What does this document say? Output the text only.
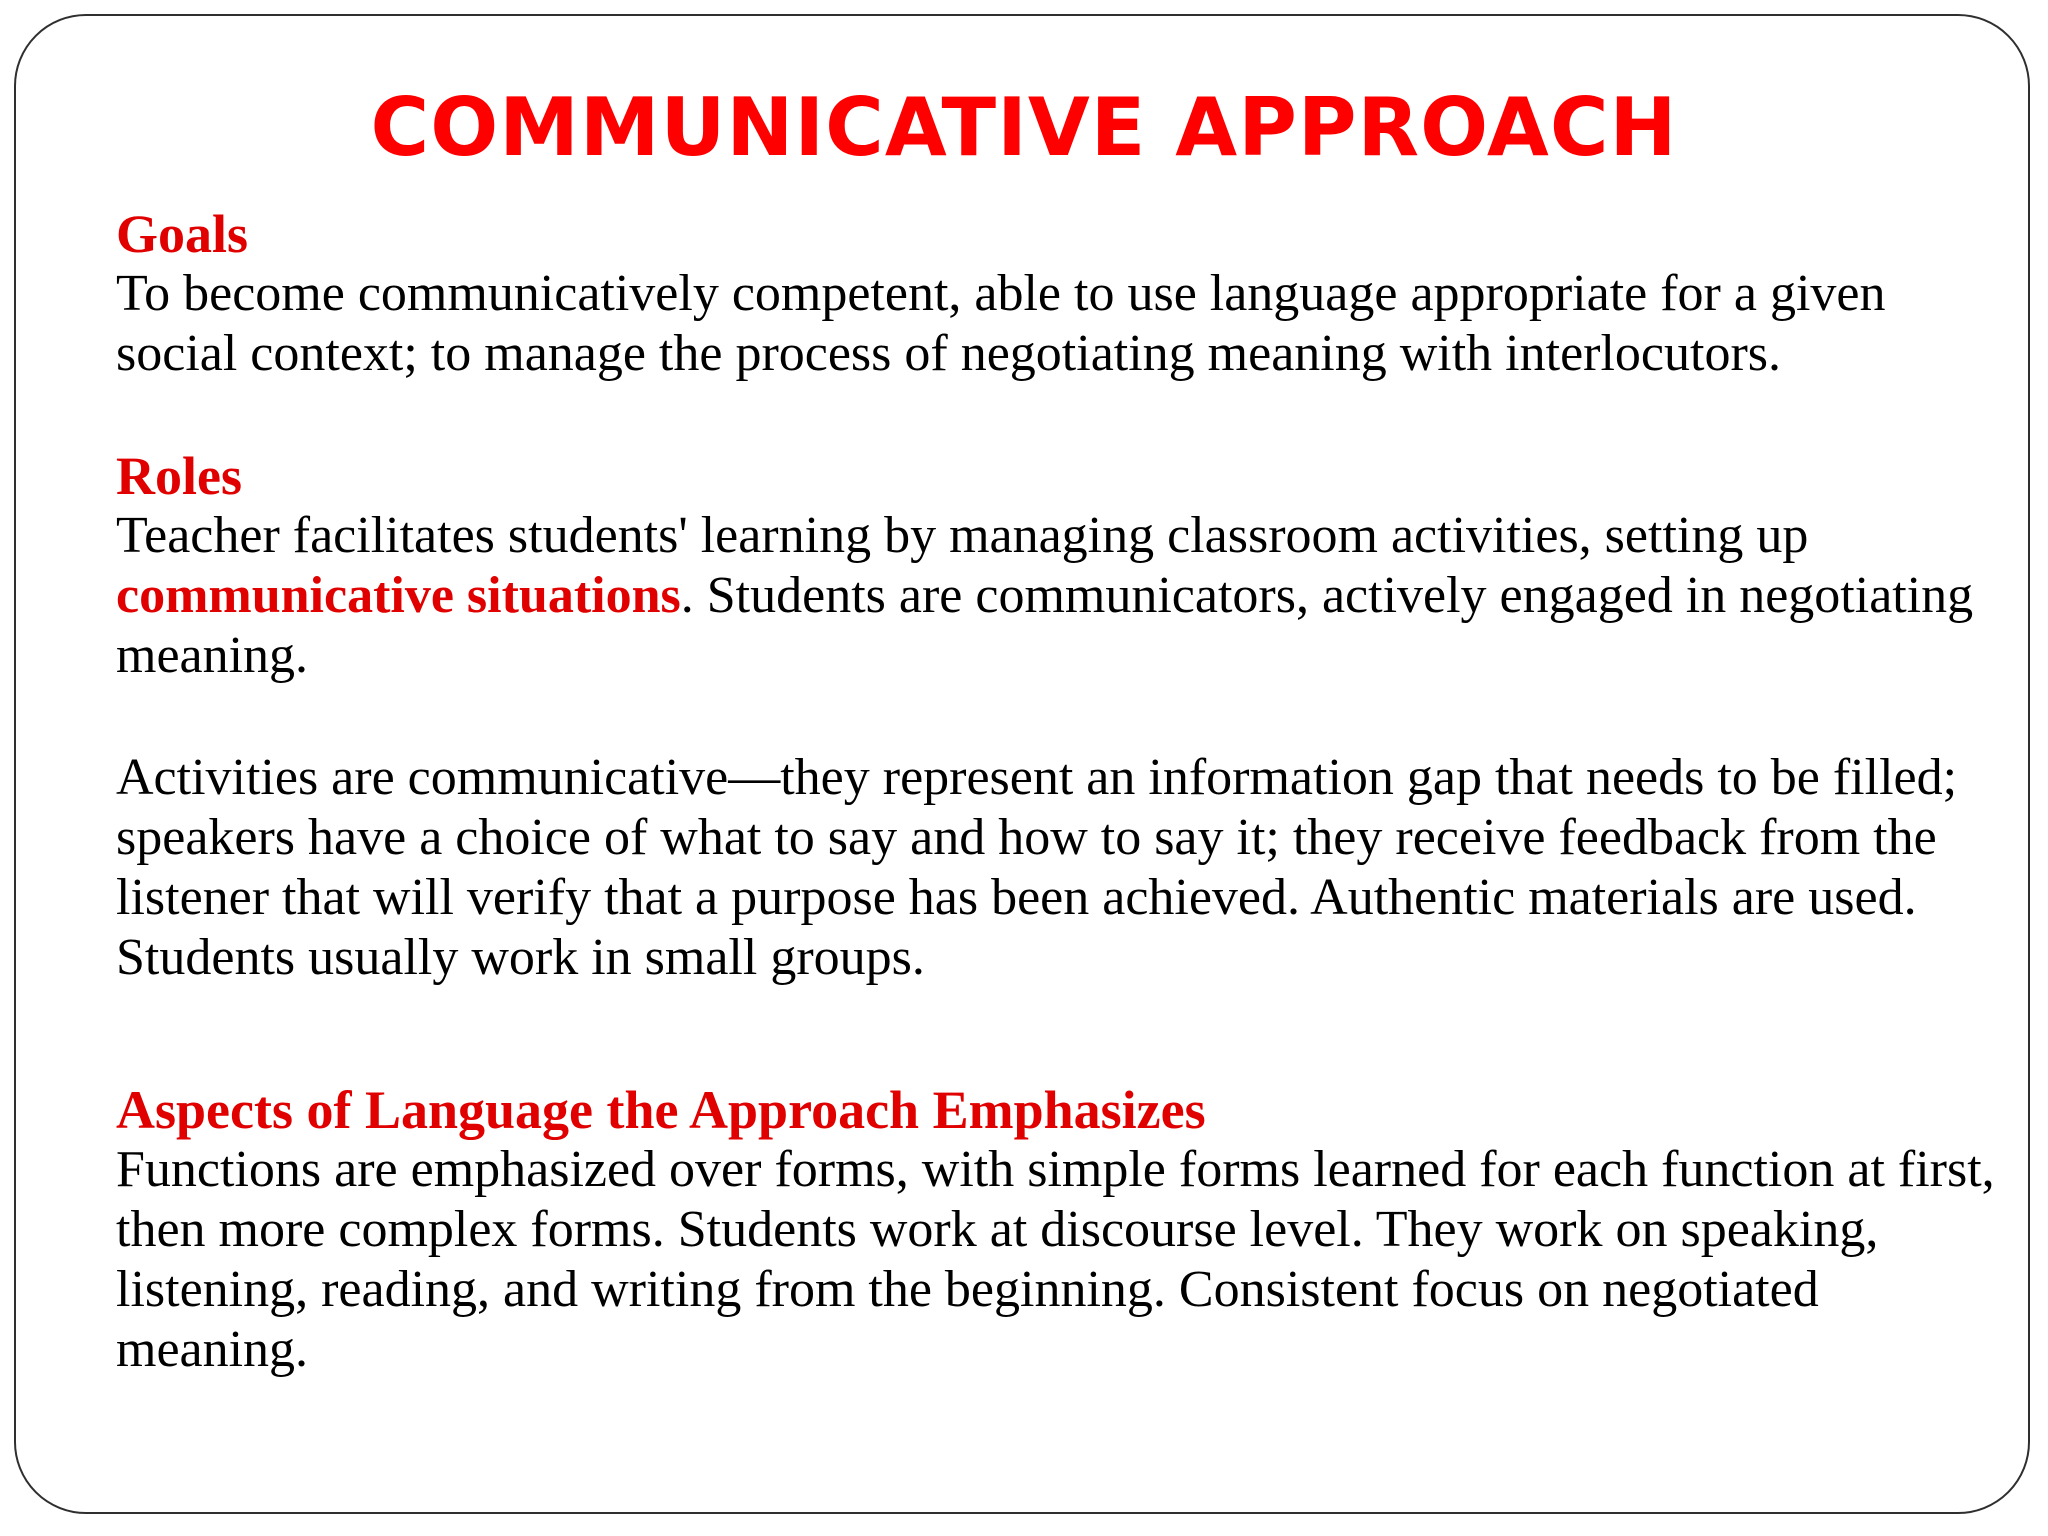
COMMUNICATIVE APPROACH

Goals

To become communicatively competent, able to use language appropriate for a given social context; to manage the process of negotiating meaning with interlocutors.

Roles

Teacher facilitates students' learning by managing classroom activities, setting up communicative situations. Students are communicators, actively engaged in negotiating meaning.

Activities are communicative—they represent an information gap that needs to be filled; speakers have a choice of what to say and how to say it; they receive feedback from the listener that will verify that a purpose has been achieved. Authentic materials are used. Students usually work in small groups.

Aspects of Language the Approach Emphasizes

Functions are emphasized over forms, with simple forms learned for each function at first, then more complex forms. Students work at discourse level. They work on speaking, listening, reading, and writing from the beginning. Consistent focus on negotiated meaning.
